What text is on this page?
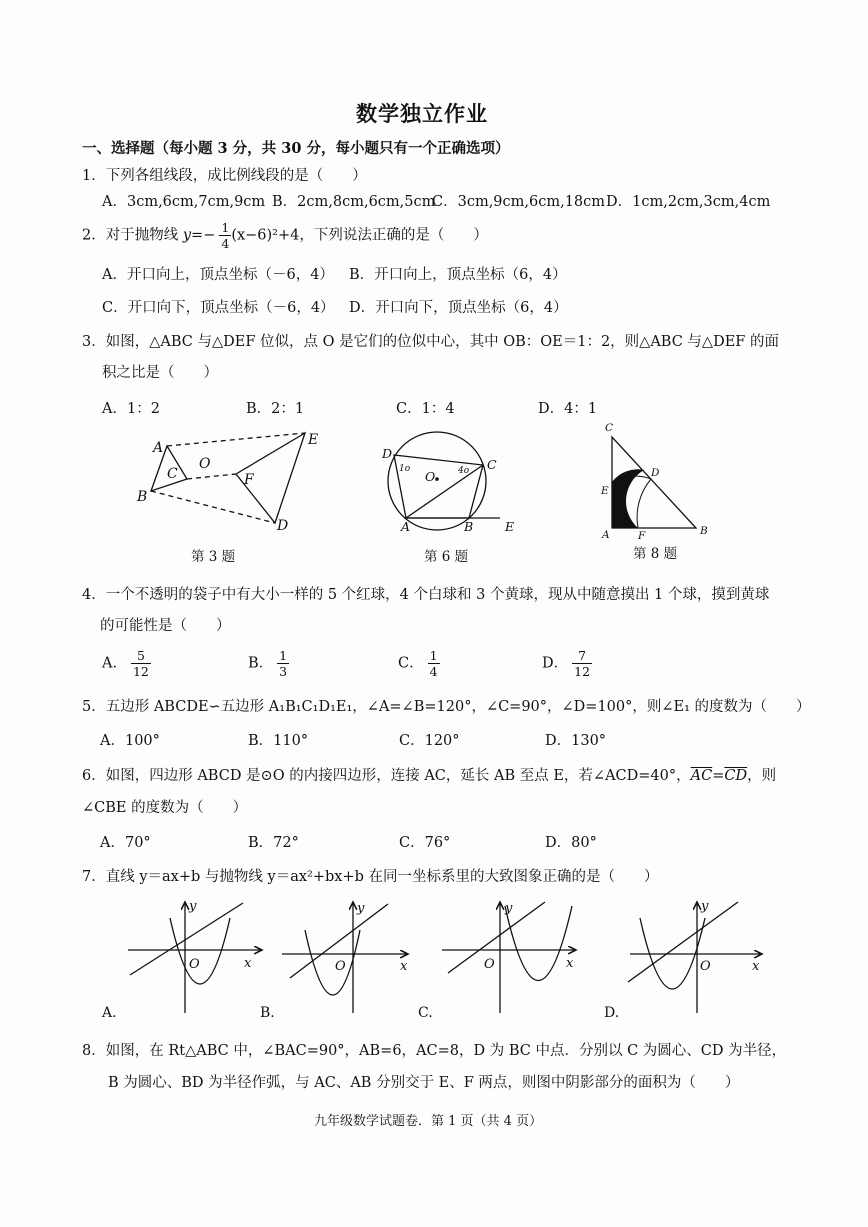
数学独立作业
一、选择题（每小题 3 分，共 30 分，每小题只有一个正确选项）
1．下列各组线段，成比例线段的是（　　）
A．3cm,6cm,7cm,9cm B．2cm,8cm,6cm,5cm
C．3cm,9cm,6cm,18cm D．1cm,2cm,3cm,4cm
2．对于抛物线 $y=- \frac{1}{4} (x-6)^2+4$，下列说法正确的是（　　）
A．开口向上，顶点坐标（－6，4） B．开口向上，顶点坐标（6，4）
C．开口向下，顶点坐标（－6，4） D．开口向下，顶点坐标（6，4）
3．如图，△ABC 与△DEF 位似，点 O 是它们的位似中心，其中 OB：OE＝1：2，则△ABC 与△DEF 的面
积之比是（　　）
A．1：2	B．2：1	C．1：4	D．4：1
A
C
O
B
E
F
D
第 3 题
D
1o O. 4o C
A	B	E
第 6 题
C
D
E
A	F	B
第 8 题
4．一个不透明的袋子中有大小一样的 5 个红球，4 个白球和 3 个黄球，现从中随意摸出 1 个球，摸到黄球
的可能性是（　　）
A． $\frac{5}{12}$	B． $\frac{1}{3}$	C． $\frac{1}{4}$	D． $\frac{7}{12}$
5．五边形 ABCDE∽五边形 A₁B₁C₁D₁E₁，∠A=∠B=120°，∠C=90°，∠D=100°，则∠E₁ 的度数为（　　）
A．100°	B．110°	C．120°	D．130°
6．如图，四边形 ABCD 是⊙O 的内接四边形，连接 AC，延长 AB 至点 E，若∠ACD=40°，$\overline{AC}=\overline{CD}$，则
∠CBE 的度数为（　　）
A．70°	B．72°	C．76°	D．80°
7．直线 y＝ax+b 与抛物线 y＝ax²+bx+b 在同一坐标系里的大致图象正确的是（　　）
y
x
O
y
x
O
y
x
O
y
x
O
A.	B.	C.	D.
8．如图，在 Rt△ABC 中，∠BAC=90°，AB=6，AC=8，D 为 BC 中点．分别以 C 为圆心、CD 为半径，
B 为圆心、BD 为半径作弧，与 AC、AB 分别交于 E、F 两点，则图中阴影部分的面积为（　　）
九年级数学试题卷．第 1 页（共 4 页）
